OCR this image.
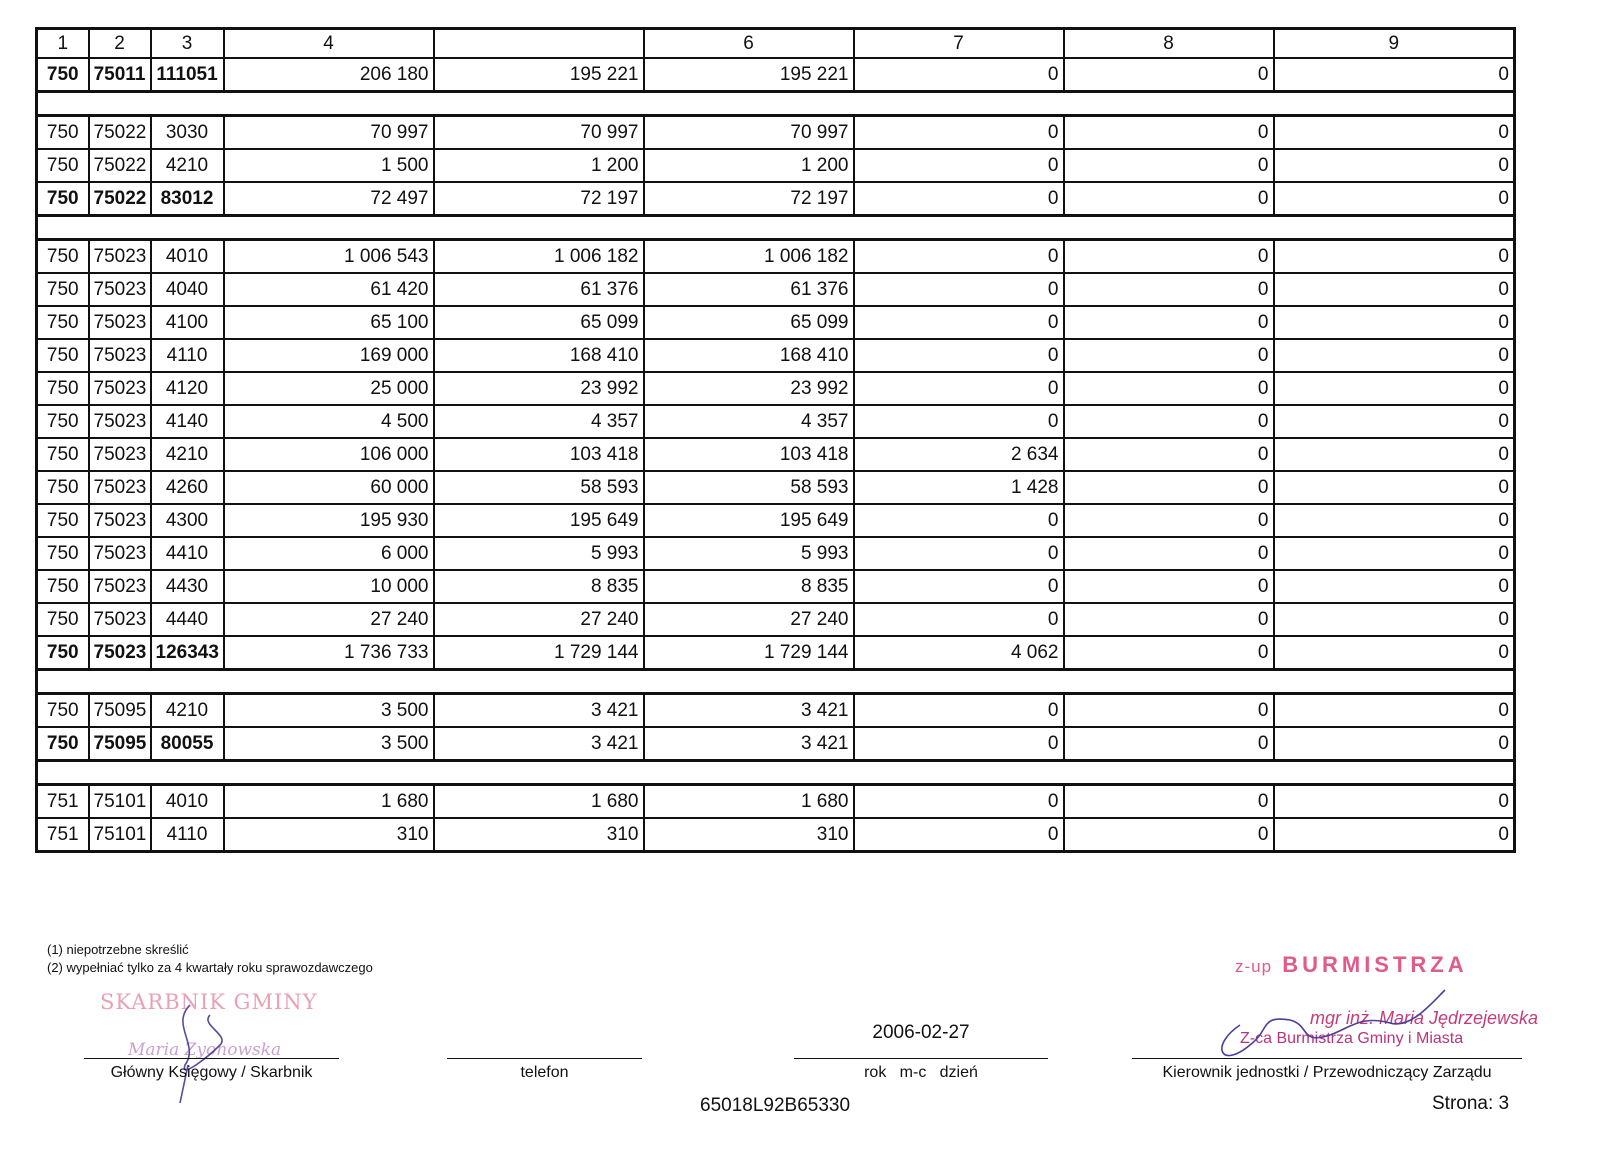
1	2	3	4		6	7	8	9
750	75011	111051	206 180	195 221	195 221	0	0	0

750	75022	3030	70 997	70 997	70 997	0	0	0
750	75022	4210	1 500	1 200	1 200	0	0	0
750	75022	83012	72 497	72 197	72 197	0	0	0

750	75023	4010	1 006 543	1 006 182	1 006 182	0	0	0
750	75023	4040	61 420	61 376	61 376	0	0	0
750	75023	4100	65 100	65 099	65 099	0	0	0
750	75023	4110	169 000	168 410	168 410	0	0	0
750	75023	4120	25 000	23 992	23 992	0	0	0
750	75023	4140	4 500	4 357	4 357	0	0	0
750	75023	4210	106 000	103 418	103 418	2 634	0	0
750	75023	4260	60 000	58 593	58 593	1 428	0	0
750	75023	4300	195 930	195 649	195 649	0	0	0
750	75023	4410	6 000	5 993	5 993	0	0	0
750	75023	4430	10 000	8 835	8 835	0	0	0
750	75023	4440	27 240	27 240	27 240	0	0	0
750	75023	126343	1 736 733	1 729 144	1 729 144	4 062	0	0

750	75095	4210	3 500	3 421	3 421	0	0	0
750	75095	80055	3 500	3 421	3 421	0	0	0

751	75101	4010	1 680	1 680	1 680	0	0	0
751	75101	4110	310	310	310	0	0	0
(1) niepotrzebne skreślić
(2) wypełniać tylko za 4 kwartały roku sprawozdawczego
SKARBNIK GMINY
Maria Zyonowska
z-up BURMISTRZA
mgr inż. Maria Jędrzejewska
Z-ca Burmistrza Gminy i Miasta
Główny Księgowy / Skarbnik	telefon
2006-02-27
rok   m-c   dzień	Kierownik jednostki / Przewodniczący Zarządu
65018L92B65330	Strona: 3
